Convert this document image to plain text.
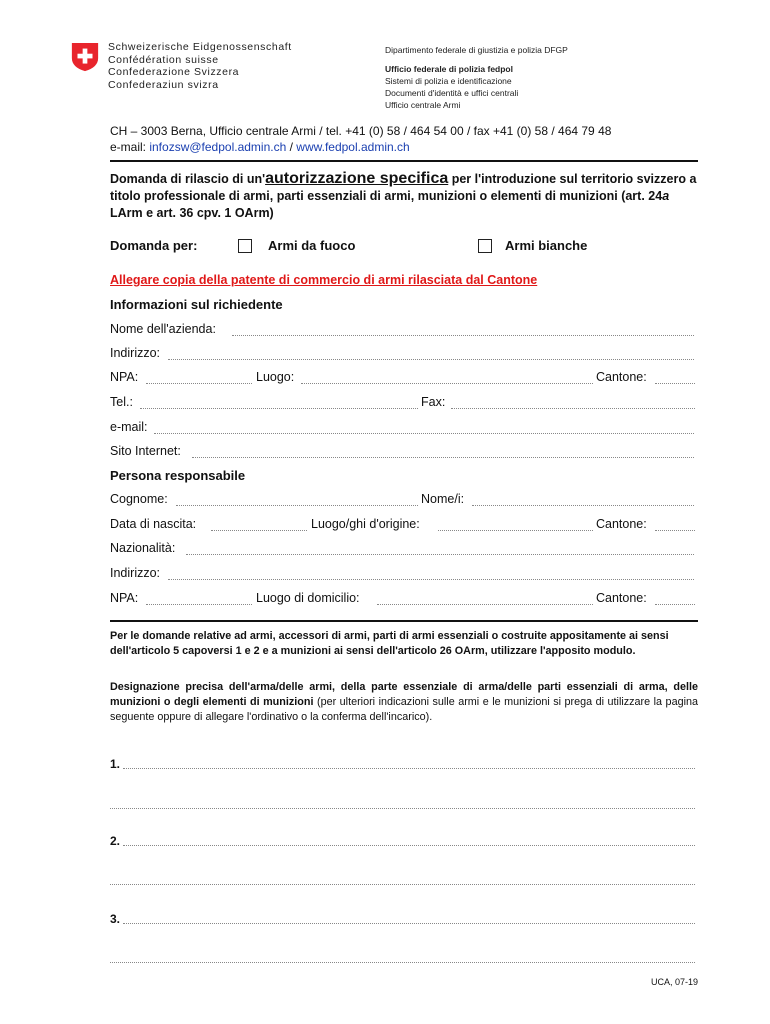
Schweizerische Eidgenossenschaft
Confédération suisse
Confederazione Svizzera
Confederaziun svizra
Dipartimento federale di giustizia e polizia DFGP
Ufficio federale di polizia fedpol
Sistemi di polizia e identificazione
Documenti d'identità e uffici centrali
Ufficio centrale Armi
CH – 3003 Berna, Ufficio centrale Armi / tel. +41 (0) 58 / 464 54 00 / fax +41 (0) 58 / 464 79 48
e-mail: infozsw@fedpol.admin.ch / www.fedpol.admin.ch
Domanda di rilascio di un'autorizzazione specifica per l'introduzione sul territorio svizzero a titolo professionale di armi, parti essenziali di armi, munizioni o elementi di munizioni (art. 24a LArm e art. 36 cpv. 1 OArm)
Domanda per:	Armi da fuoco	Armi bianche
Allegare copia della patente di commercio di armi rilasciata dal Cantone
Informazioni sul richiedente
Nome dell'azienda:
Indirizzo:
NPA:	Luogo:	Cantone:
Tel.:	Fax:
e-mail:
Sito Internet:
Persona responsabile
Cognome:	Nome/i:
Data di nascita:	Luogo/ghi d'origine:	Cantone:
Nazionalità:
Indirizzo:
NPA:	Luogo di domicilio:	Cantone:
Per le domande relative ad armi, accessori di armi, parti di armi essenziali o costruite appositamente ai sensi dell'articolo 5 capoversi 1 e 2 e a munizioni ai sensi dell'articolo 26 OArm, utilizzare l'apposito modulo.
Designazione precisa dell'arma/delle armi, della parte essenziale di arma/delle parti essenziali di arma, delle munizioni o degli elementi di munizioni (per ulteriori indicazioni sulle armi e le munizioni si prega di utilizzare la pagina seguente oppure di allegare l'ordinativo o la conferma dell'incarico).
1.
2.
3.
UCA, 07-19
